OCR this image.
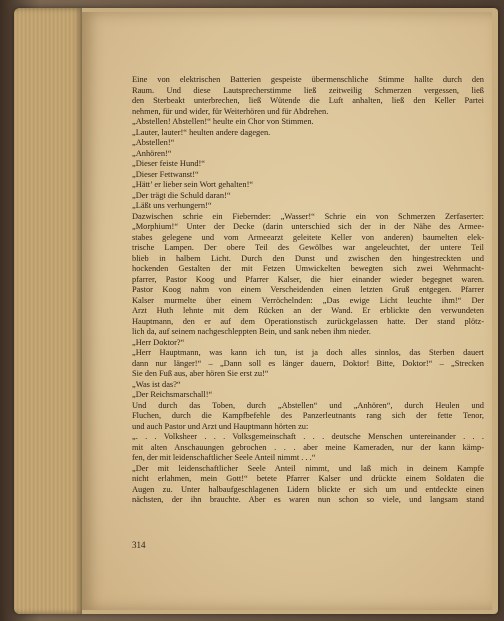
Eine von elektrischen Batterien gespeiste übermenschliche Stimme hallte durch den
Raum. Und diese Lautsprecherstimme ließ zeitweilig Schmerzen vergessen, ließ
den Sterbeakt unterbrechen, ließ Wütende die Luft anhalten, ließ den Keller Partei
nehmen, für und wider, für Weiterhören und für Abdrehen.
„Abstellen! Abstellen!“ heulte ein Chor von Stimmen.
„Lauter, lauter!“ heulten andere dagegen.
„Abstellen!“
„Anhören!“
„Dieser feiste Hund!“
„Dieser Fettwanst!“
„Hätt’ er lieber sein Wort gehalten!“
„Der trägt die Schuld daran!“
„Läßt uns verhungern!“
Dazwischen schrie ein Fiebernder: „Wasser!“ Schrie ein von Schmerzen Zerfaserter:
„Morphium!“ Unter der Decke (darin unterschied sich der in der Nähe des Armee-
stabes gelegene und vom Armeearzt geleitete Keller von anderen) baumelten elek-
trische Lampen. Der obere Teil des Gewölbes war angeleuchtet, der untere Teil
blieb in halbem Licht. Durch den Dunst und zwischen den hingestreckten und
hockenden Gestalten der mit Fetzen Umwickelten bewegten sich zwei Wehrmacht-
pfarrer, Pastor Koog und Pfarrer Kalser, die hier einander wieder begegnet waren.
Pastor Koog nahm von einem Verscheidenden einen letzten Gruß entgegen. Pfarrer
Kalser murmelte über einem Verröchelnden: „Das ewige Licht leuchte ihm!“ Der
Arzt Huth lehnte mit dem Rücken an der Wand. Er erblickte den verwundeten
Hauptmann, den er auf dem Operationstisch zurückgelassen hatte. Der stand plötz-
lich da, auf seinem nachgeschleppten Bein, und sank neben ihm nieder.
„Herr Doktor?“
„Herr Hauptmann, was kann ich tun, ist ja doch alles sinnlos, das Sterben dauert
dann nur länger!“ – „Dann soll es länger dauern, Doktor! Bitte, Doktor!“ – „Strecken
Sie den Fuß aus, aber hören Sie erst zu!“
„Was ist das?“
„Der Reichsmarschall!“
Und durch das Toben, durch „Abstellen“ und „Anhören“, durch Heulen und
Fluchen, durch die Kampfbefehle des Panzerleutnants rang sich der fette Tenor,
und auch Pastor und Arzt und Hauptmann hörten zu:
„. . . Volksheer . . . Volksgemeinschaft . . . deutsche Menschen untereinander . . .
mit alten Anschauungen gebrochen . . . aber meine Kameraden, nur der kann kämp-
fen, der mit leidenschaftlicher Seele Anteil nimmt . . .“
„Der mit leidenschaftlicher Seele Anteil nimmt, und laß mich in deinem Kampfe
nicht erlahmen, mein Gott!“ betete Pfarrer Kalser und drückte einem Soldaten die
Augen zu. Unter halbaufgeschlagenen Lidern blickte er sich um und entdeckte einen
nächsten, der ihn brauchte. Aber es waren nun schon so viele, und langsam stand
314
